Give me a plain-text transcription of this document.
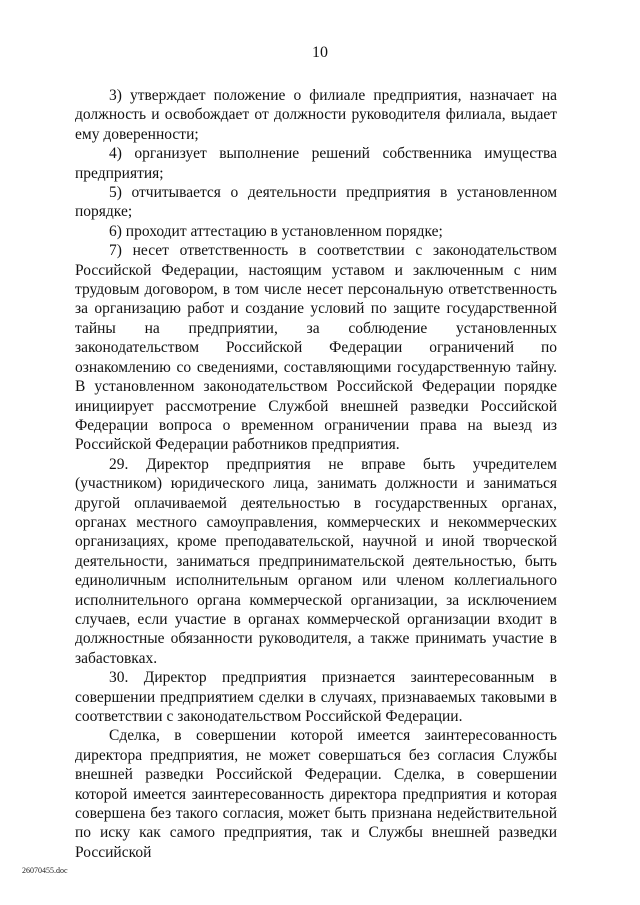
10

3) утверждает положение о филиале предприятия, назначает на должность и освобождает от должности руководителя филиала, выдает ему доверенности;

4) организует выполнение решений собственника имущества предприятия;

5) отчитывается о деятельности предприятия в установленном порядке;

6) проходит аттестацию в установленном порядке;

7) несет ответственность в соответствии с законодательством Российской Федерации, настоящим уставом и заключенным с ним трудовым договором, в том числе несет персональную ответственность за организацию работ и создание условий по защите государственной тайны на предприятии, за соблюдение установленных законодательством Российской Федерации ограничений по ознакомлению со сведениями, составляющими государственную тайну. В установленном законодательством Российской Федерации порядке инициирует рассмотрение Службой внешней разведки Российской Федерации вопроса о временном ограничении права на выезд из Российской Федерации работников предприятия.

29. Директор предприятия не вправе быть учредителем (участником) юридического лица, занимать должности и заниматься другой оплачиваемой деятельностью в государственных органах, органах местного самоуправления, коммерческих и некоммерческих организациях, кроме преподавательской, научной и иной творческой деятельности, заниматься предпринимательской деятельностью, быть единоличным исполнительным органом или членом коллегиального исполнительного органа коммерческой организации, за исключением случаев, если участие в органах коммерческой организации входит в должностные обязанности руководителя, а также принимать участие в забастовках.

30. Директор предприятия признается заинтересованным в совершении предприятием сделки в случаях, признаваемых таковыми в соответствии с законодательством Российской Федерации.

Сделка, в совершении которой имеется заинтересованность директора предприятия, не может совершаться без согласия Службы внешней разведки Российской Федерации. Сделка, в совершении которой имеется заинтересованность директора предприятия и которая совершена без такого согласия, может быть признана недействительной по иску как самого предприятия, так и Службы внешней разведки Российской

26070455.doc
